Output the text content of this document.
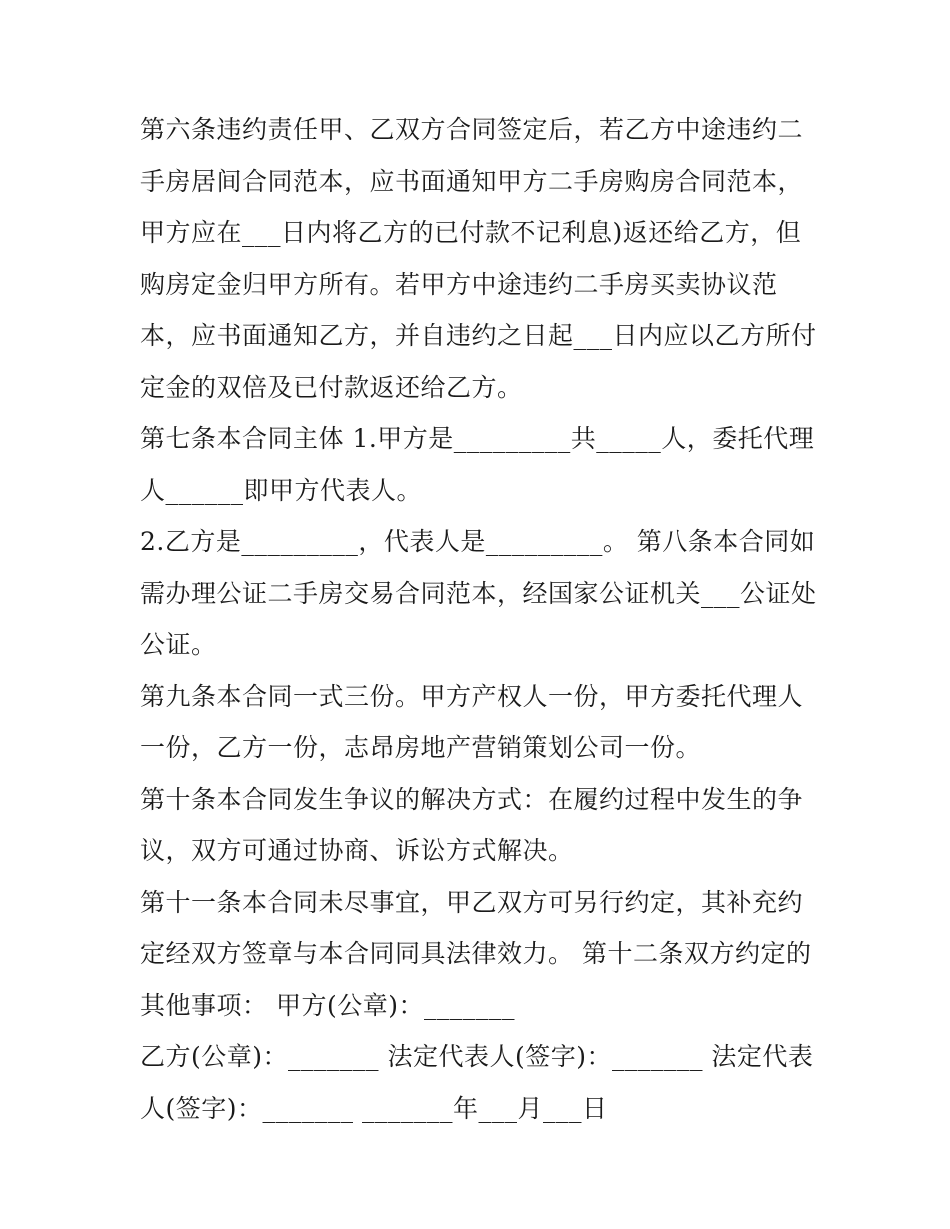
第六条违约责任甲、乙双方合同签定后，若乙方中途违约二手房居间合同范本，应书面通知甲方二手房购房合同范本，甲方应在___日内将乙方的已付款不记利息)返还给乙方，但购房定金归甲方所有。若甲方中途违约二手房买卖协议范本，应书面通知乙方，并自违约之日起___日内应以乙方所付定金的双倍及已付款返还给乙方。

第七条本合同主体 1.甲方是_________共_____人，委托代理人______即甲方代表人。

2.乙方是_________，代表人是_________。 第八条本合同如需办理公证二手房交易合同范本，经国家公证机关___公证处公证。

第九条本合同一式三份。甲方产权人一份，甲方委托代理人一份，乙方一份，志昂房地产营销策划公司一份。

第十条本合同发生争议的解决方式：在履约过程中发生的争议，双方可通过协商、诉讼方式解决。

第十一条本合同未尽事宜，甲乙双方可另行约定，其补充约定经双方签章与本合同同具法律效力。 第十二条双方约定的其他事项： 甲方(公章)：_______

乙方(公章)：_______ 法定代表人(签字)：_______ 法定代表人(签字)：_______ _______年___月___日
